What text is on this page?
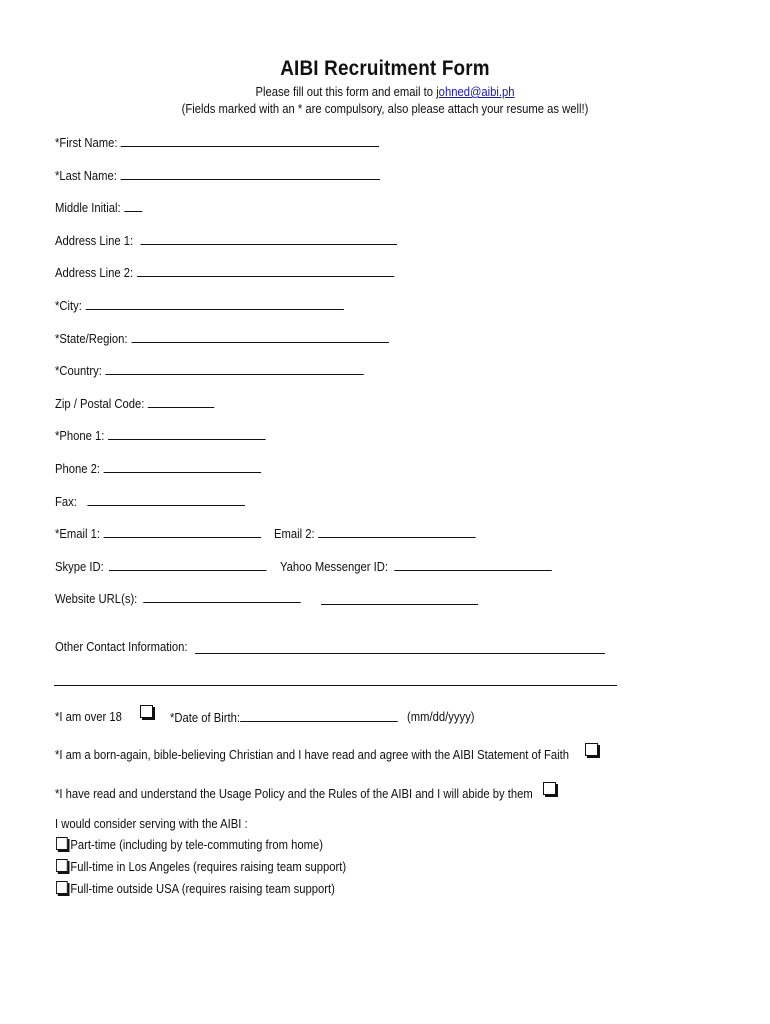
AIBI Recruitment Form
Please fill out this form and email to johned@aibi.ph
(Fields marked with an * are compulsory, also please attach your resume as well!)
*First Name:
*Last Name:
Middle Initial:
Address Line 1:
Address Line 2:
*City:
*State/Region:
*Country:
Zip / Postal Code:
*Phone 1:
Phone 2:
Fax:
*Email 1:	Email 2:
Skype ID:	Yahoo Messenger ID:
Website URL(s):
Other Contact Information:
*I am over 18	*Date of Birth:	(mm/dd/yyyy)
*I am a born-again, bible-believing Christian and I have read and agree with the AIBI Statement of Faith
*I have read and understand the Usage Policy and the Rules of the AIBI and I will abide by them
I would consider serving with the AIBI :
Part-time (including by tele-commuting from home)
Full-time in Los Angeles (requires raising team support)
Full-time outside USA (requires raising team support)
